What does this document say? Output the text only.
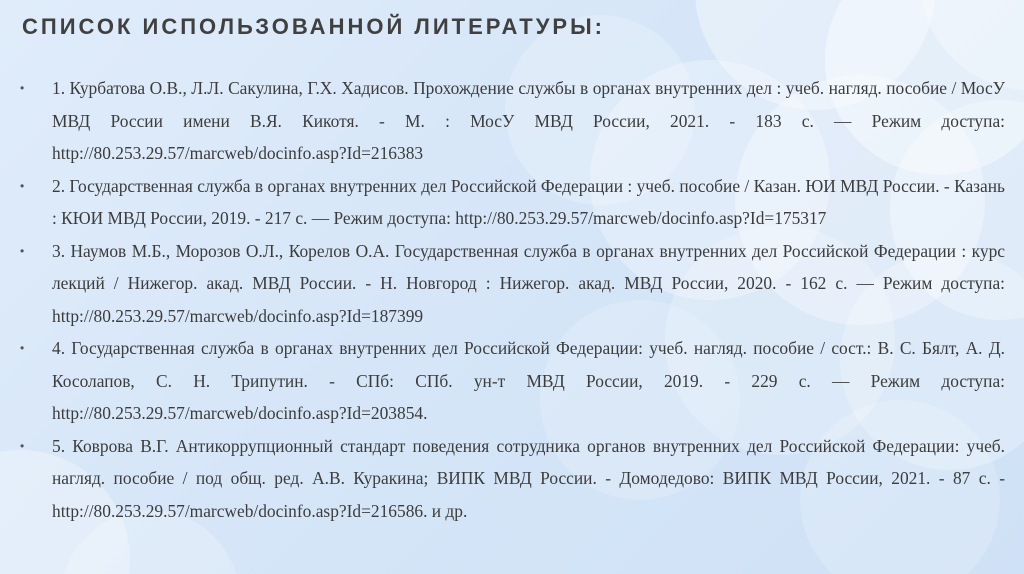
СПИСОК ИСПОЛЬЗОВАННОЙ ЛИТЕРАТУРЫ:
•	1. Курбатова О.В., Л.Л. Сакулина, Г.Х. Хадисов. Прохождение службы в органах внутренних дел : учеб. нагляд. пособие / МосУ МВД России имени В.Я. Кикотя. - М. : МосУ МВД России, 2021. - 183 с. — Режим доступа: http://80.253.29.57/marcweb/docinfo.asp?Id=216383
•	2. Государственная служба в органах внутренних дел Российской Федерации : учеб. пособие / Казан. ЮИ МВД России. - Казань : КЮИ МВД России, 2019. - 217 с. — Режим доступа: http://80.253.29.57/marcweb/docinfo.asp?Id=175317
•	3. Наумов М.Б., Морозов О.Л., Корелов О.А. Государственная служба в органах внутренних дел Российской Федерации : курс лекций / Нижегор. акад. МВД России. - Н. Новгород : Нижегор. акад. МВД России, 2020. - 162 с. — Режим доступа: http://80.253.29.57/marcweb/docinfo.asp?Id=187399
•	4. Государственная служба в органах внутренних дел Российской Федерации: учеб. нагляд. пособие / сост.: В. С. Бялт, А. Д. Косолапов, С. Н. Трипутин. - СПб: СПб. ун-т МВД России, 2019. - 229 с. — Режим доступа: http://80.253.29.57/marcweb/docinfo.asp?Id=203854.
•	5. Коврова В.Г. Антикоррупционный стандарт поведения сотрудника органов внутренних дел Российской Федерации: учеб. нагляд. пособие / под общ. ред. А.В. Куракина; ВИПК МВД России. - Домодедово: ВИПК МВД России, 2021. - 87 с. - http://80.253.29.57/marcweb/docinfo.asp?Id=216586. и др.
